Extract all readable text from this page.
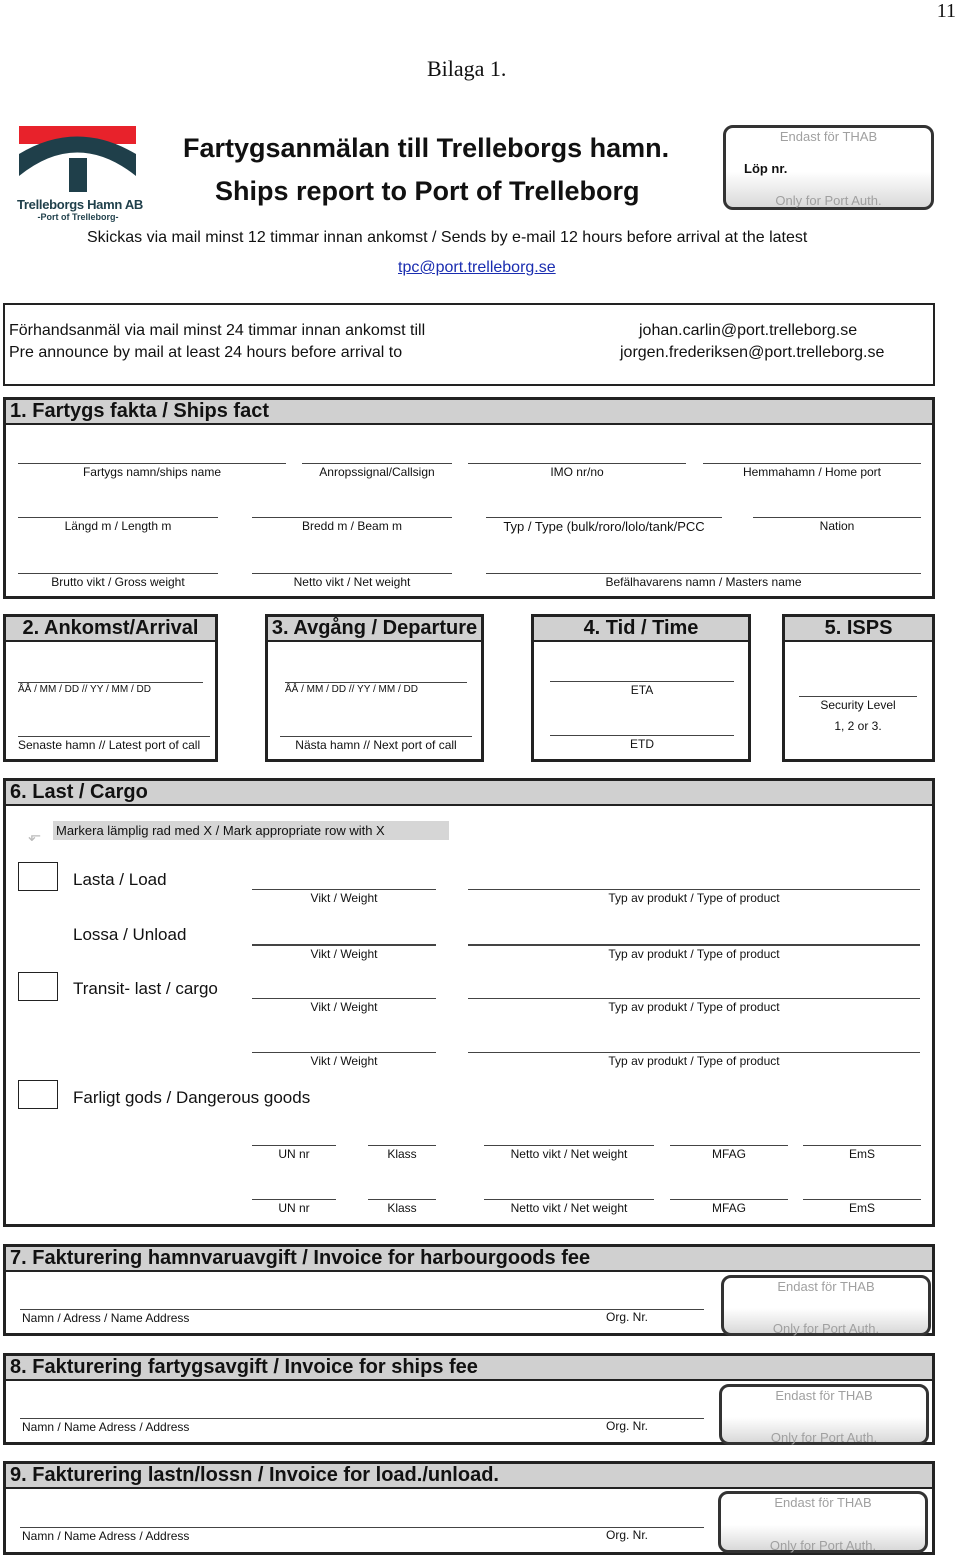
11
Bilaga 1.
Trelleborgs Hamn AB
-Port of Trelleborg-
Fartygsanmälan till Trelleborgs hamn.
Ships report to Port of Trelleborg
Endast för THAB
Löp nr.
Only for Port Auth.
Skickas via mail minst 12 timmar innan ankomst / Sends by e-mail 12 hours before arrival at the latest
tpc@port.trelleborg.se
Förhandsanmäl via mail minst 24 timmar innan ankomst till
Pre announce by mail at least 24 hours before arrival to
johan.carlin@port.trelleborg.se
jorgen.frederiksen@port.trelleborg.se
1. Fartygs fakta / Ships fact
Fartygs namn/ships name	Anropssignal/Callsign	IMO nr/no	Hemmahamn / Home port
Längd m / Length m	Bredd m / Beam m	Typ / Type (bulk/roro/lolo/tank/PCC	Nation
Brutto vikt / Gross weight	Netto vikt / Net weight	Befälhavarens namn / Masters name
2. Ankomst/Arrival
ÅÅ / MM / DD // YY / MM / DD
Senaste hamn // Latest port of call
3. Avgång / Departure
ÅÅ / MM / DD // YY / MM / DD
Nästa hamn // Next port of call
4. Tid / Time
ETA
ETD
5. ISPS
Security Level
1, 2 or 3.
6. Last / Cargo
⬐ Markera lämplig rad med X / Mark appropriate row with X
Lasta / Load
Lossa / Unload
Transit- last / cargo
Farligt gods / Dangerous goods
Vikt / Weight	Typ av produkt / Type of product
Vikt / Weight	Typ av produkt / Type of product
Vikt / Weight	Typ av produkt / Type of product
Vikt / Weight	Typ av produkt / Type of product
UN nr	Klass	Netto vikt / Net weight	MFAG	EmS
UN nr	Klass	Netto vikt / Net weight	MFAG	EmS
7. Fakturering hamnvaruavgift / Invoice for harbourgoods fee
Namn / Adress / Name Address	Org. Nr.
Endast för THAB
Only for Port Auth.
8. Fakturering fartygsavgift / Invoice for ships fee
Namn / Name Adress / Address	Org. Nr.
Endast för THAB
Only for Port Auth.
9. Fakturering lastn/lossn / Invoice for load./unload.
Namn / Name Adress / Address	Org. Nr.
Endast för THAB
Only for Port Auth.
